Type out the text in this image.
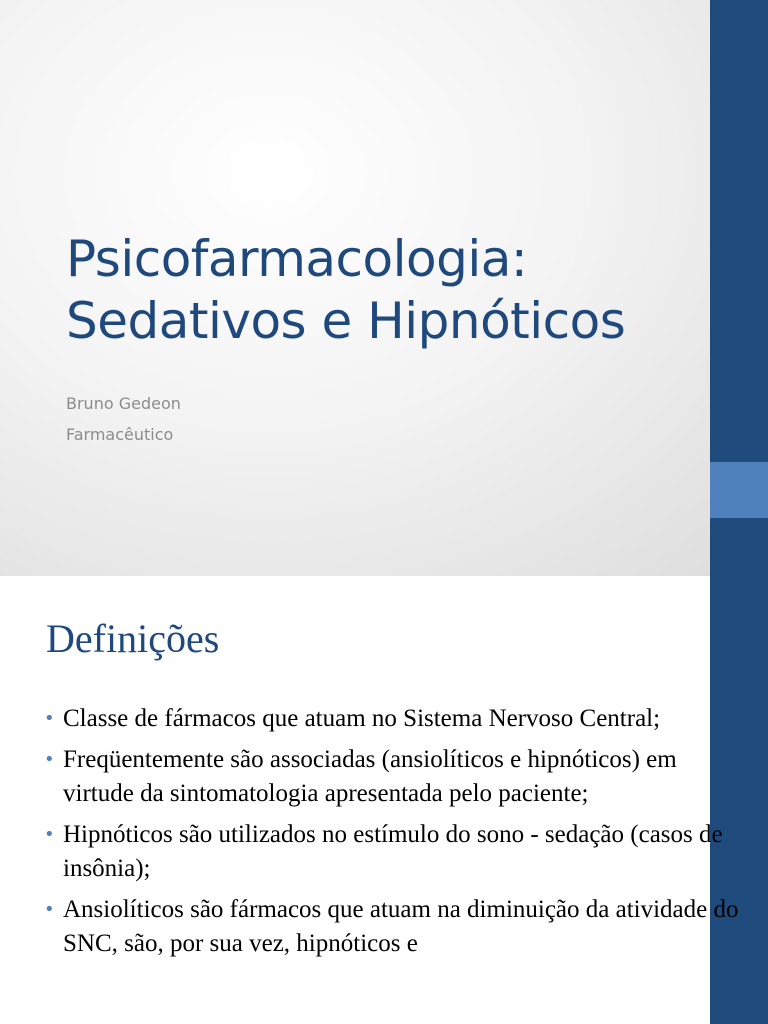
Psicofarmacologia:
Sedativos e Hipnóticos
Bruno Gedeon
Farmacêutico
Definições
• Classe de fármacos que atuam no Sistema Nervoso Central;
• Freqüentemente são associadas (ansiolíticos e hipnóticos) em virtude da sintomatologia apresentada pelo paciente;
• Hipnóticos são utilizados no estímulo do sono - sedação (casos de insônia);
• Ansiolíticos são fármacos que atuam na diminuição da atividade do SNC, são, por sua vez, hipnóticos e
